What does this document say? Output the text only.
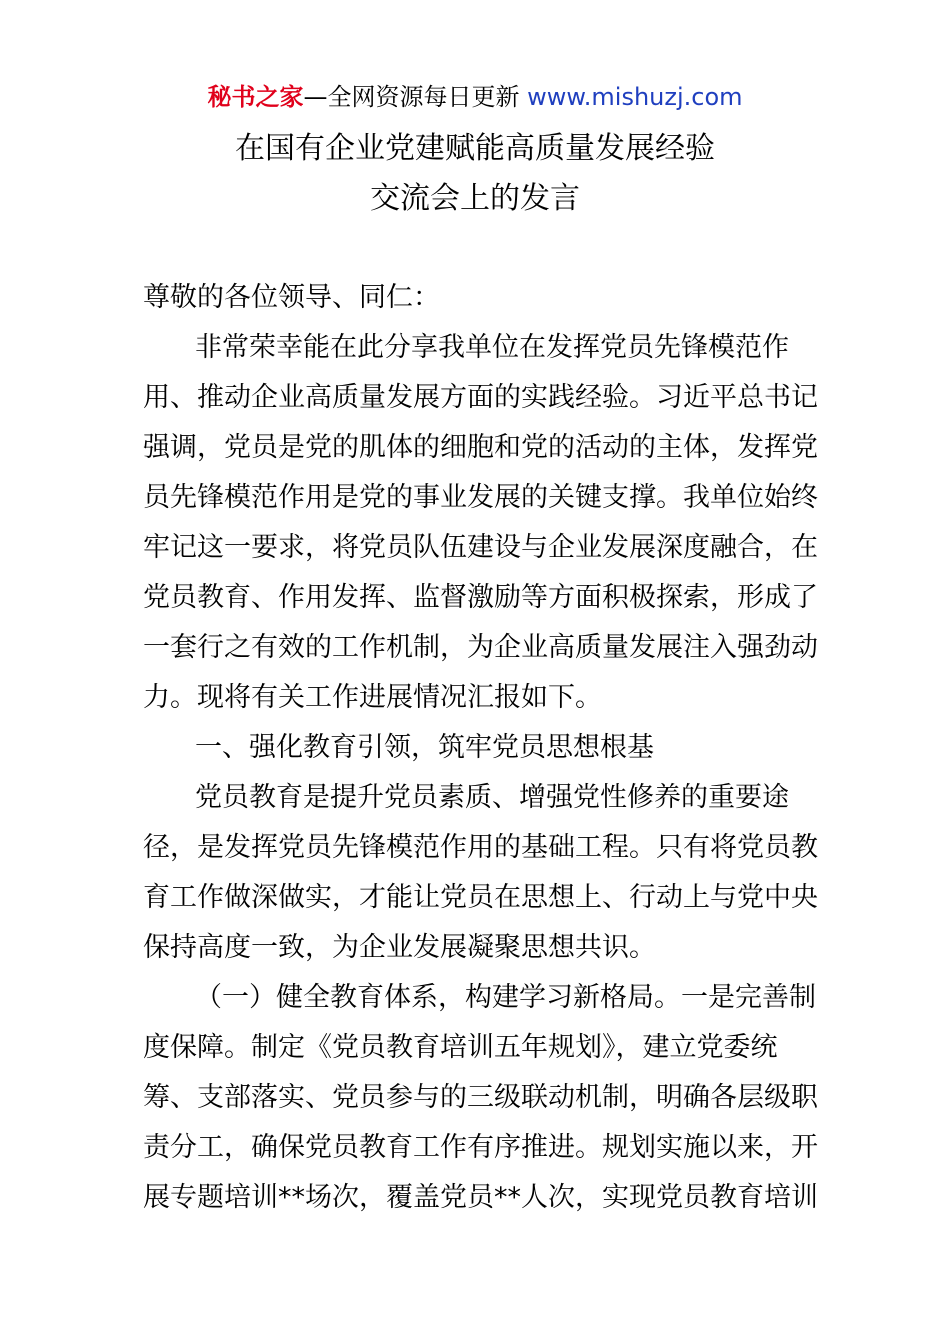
秘书之家—全网资源每日更新 www.mishuzj.com
在国有企业党建赋能高质量发展经验
交流会上的发言
尊敬的各位领导、同仁：
非常荣幸能在此分享我单位在发挥党员先锋模范作
用、推动企业高质量发展方面的实践经验。习近平总书记
强调，党员是党的肌体的细胞和党的活动的主体，发挥党
员先锋模范作用是党的事业发展的关键支撑。我单位始终
牢记这一要求，将党员队伍建设与企业发展深度融合，在
党员教育、作用发挥、监督激励等方面积极探索，形成了
一套行之有效的工作机制，为企业高质量发展注入强劲动
力。现将有关工作进展情况汇报如下。
一、强化教育引领，筑牢党员思想根基
党员教育是提升党员素质、增强党性修养的重要途
径，是发挥党员先锋模范作用的基础工程。只有将党员教
育工作做深做实，才能让党员在思想上、行动上与党中央
保持高度一致，为企业发展凝聚思想共识。
（一）健全教育体系，构建学习新格局。一是完善制
度保障。制定《党员教育培训五年规划》，建立党委统
筹、支部落实、党员参与的三级联动机制，明确各层级职
责分工，确保党员教育工作有序推进。规划实施以来，开
展专题培训**场次，覆盖党员**人次，实现党员教育培训
